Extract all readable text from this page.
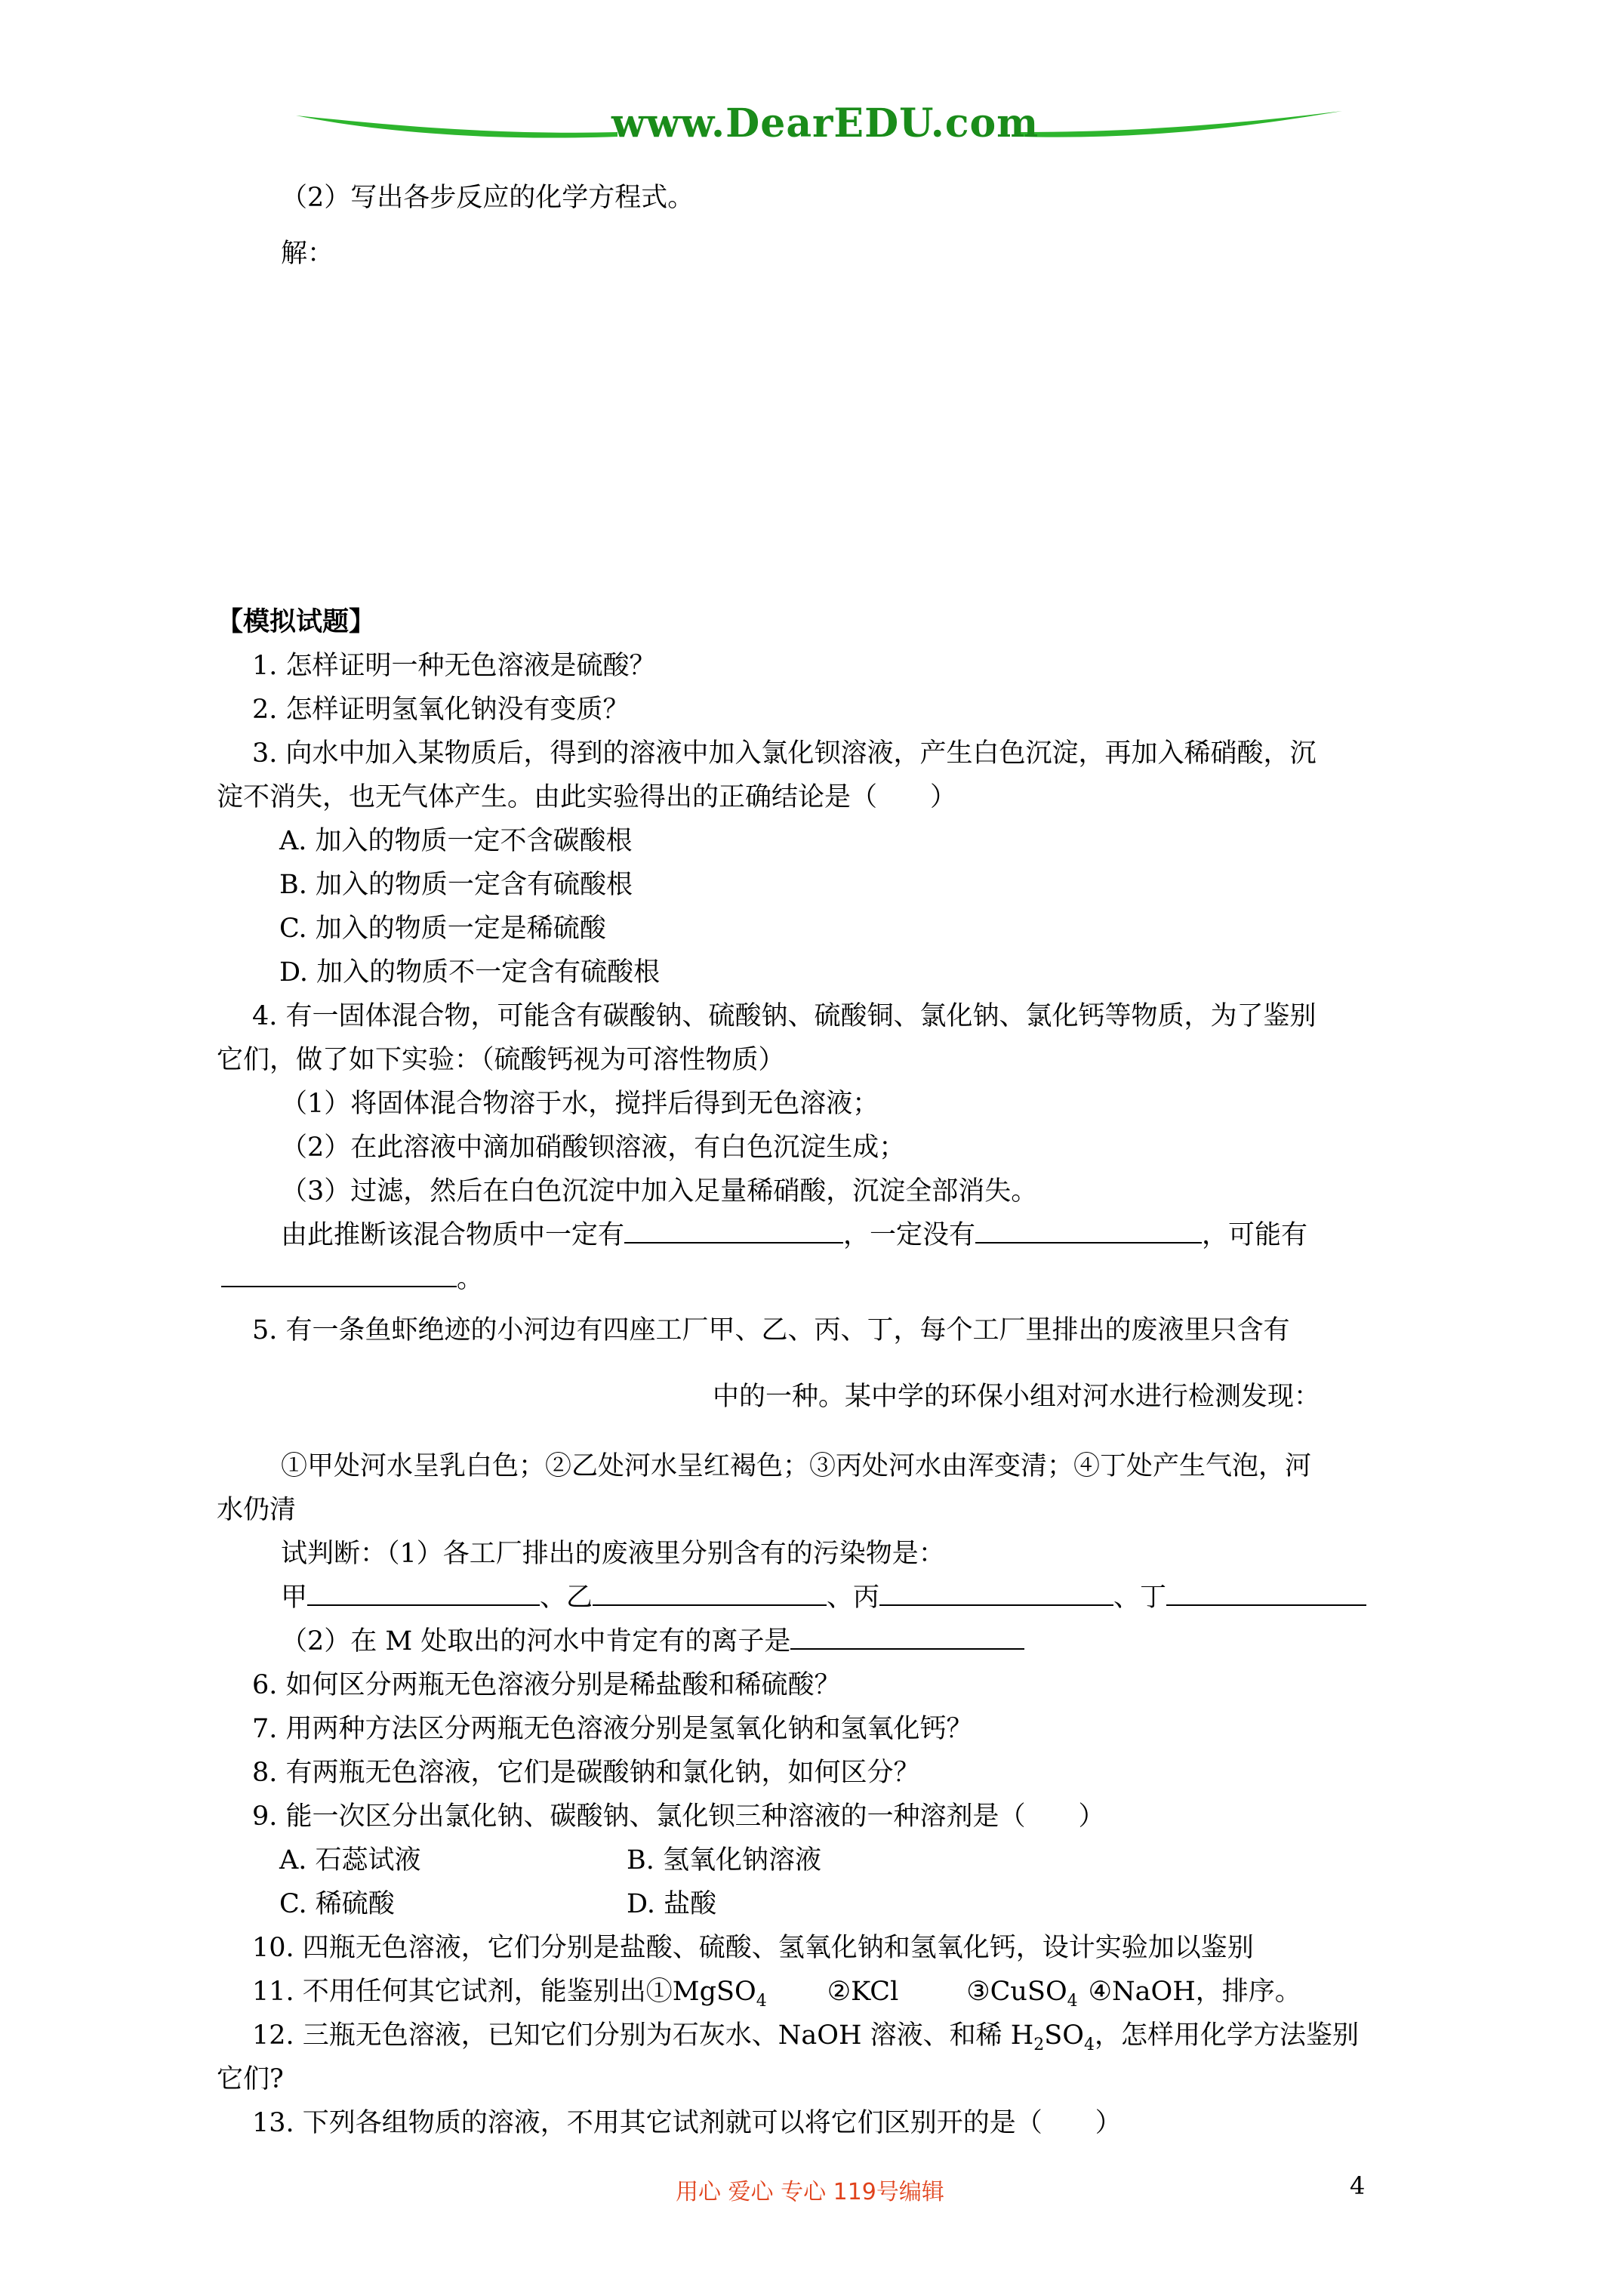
www.DearEDU.com
（2）写出各步反应的化学方程式。
解：
【模拟试题】
1. 怎样证明一种无色溶液是硫酸？
2. 怎样证明氢氧化钠没有变质？
3. 向水中加入某物质后，得到的溶液中加入氯化钡溶液，产生白色沉淀，再加入稀硝酸，沉
淀不消失，也无气体产生。由此实验得出的正确结论是（　　）
A. 加入的物质一定不含碳酸根
B. 加入的物质一定含有硫酸根
C. 加入的物质一定是稀硫酸
D. 加入的物质不一定含有硫酸根
4. 有一固体混合物，可能含有碳酸钠、硫酸钠、硫酸铜、氯化钠、氯化钙等物质，为了鉴别
它们，做了如下实验：（硫酸钙视为可溶性物质）
（1）将固体混合物溶于水，搅拌后得到无色溶液；
（2）在此溶液中滴加硝酸钡溶液，有白色沉淀生成；
（3）过滤，然后在白色沉淀中加入足量稀硝酸，沉淀全部消失。
由此推断该混合物质中一定有	，一定没有	，可能有
。
5. 有一条鱼虾绝迹的小河边有四座工厂甲、乙、丙、丁，每个工厂里排出的废液里只含有
中的一种。某中学的环保小组对河水进行检测发现：
①甲处河水呈乳白色；②乙处河水呈红褐色；③丙处河水由浑变清；④丁处产生气泡，河
水仍清
试判断：（1）各工厂排出的废液里分别含有的污染物是：
甲	、乙	、丙	、丁
（2）在 M 处取出的河水中肯定有的离子是
6. 如何区分两瓶无色溶液分别是稀盐酸和稀硫酸？
7. 用两种方法区分两瓶无色溶液分别是氢氧化钠和氢氧化钙？
8. 有两瓶无色溶液，它们是碳酸钠和氯化钠，如何区分？
9. 能一次区分出氯化钠、碳酸钠、氯化钡三种溶液的一种溶剂是（　　）
A. 石蕊试液	B. 氢氧化钠溶液
C. 稀硫酸	D. 盐酸
10. 四瓶无色溶液，它们分别是盐酸、硫酸、氢氧化钠和氢氧化钙，设计实验加以鉴别
11. 不用任何其它试剂，能鉴别出①MgSO$_4$ ②KCl	③CuSO$_4$ ④NaOH，排序。
12. 三瓶无色溶液，已知它们分别为石灰水、NaOH 溶液、和稀 $H_2SO_4$，怎样用化学方法鉴别
它们?
13. 下列各组物质的溶液，不用其它试剂就可以将它们区别开的是（　　）
用心 爱心 专心 119号编辑	4
